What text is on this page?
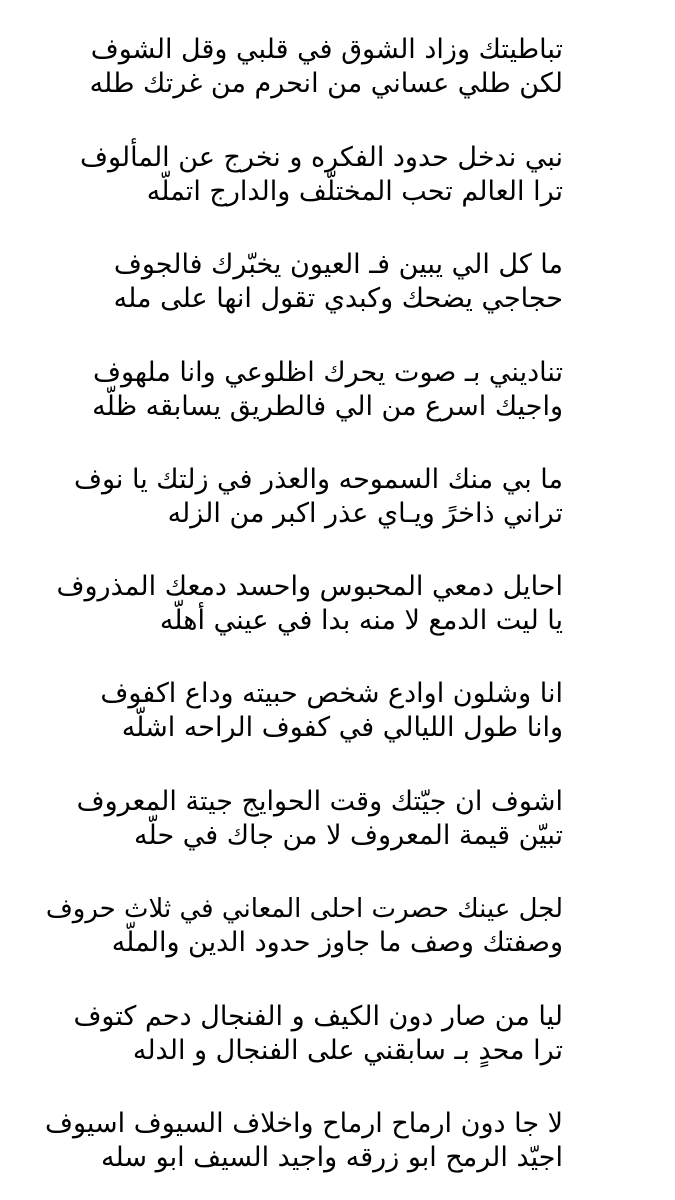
تباطيتك وزاد الشوق في قلبي وقل الشوف
لكن طلي عساني من انحرم من غرتك طله
نبي ندخل حدود الفكره و نخرج عن المألوف
ترا العالم تحب المختلّف والدارج اتملّه
ما كل الي يبين فـ العيون يخبّرك فالجوف
حجاجي يضحك وكبدي تقول انها على مله
تناديني بـ صوت يحرك اظلوعي وانا ملهوف
واجيك اسرع من الي فالطريق يسابقه ظلّه
ما بي منك السموحه والعذر في زلتك يا نوف
تراني ذاخرً ويـاي عذر اكبر من الزله
احايل دمعي المحبوس واحسد دمعك المذروف
يا ليت الدمع لا منه بدا في عيني أهلّه
انا وشلون اوادع شخص حبيته وداع اكفوف
وانا طول الليالي في كفوف الراحه اشلّه
اشوف ان جيّتك وقت الحوايج جيتة المعروف
تبيّن قيمة المعروف لا من جاك في حلّه
لجل عينك حصرت احلى المعاني في ثلاث حروف
وصفتك وصف ما جاوز حدود الدين والملّه
ليا من صار دون الكيف و الفنجال دحم كتوف
ترا محدٍ بـ سابقني على الفنجال و الدله
لا جا دون ارماح ارماح واخلاف السيوف اسيوف
اجيّد الرمح ابو زرقه واجيد السيف ابو سله
